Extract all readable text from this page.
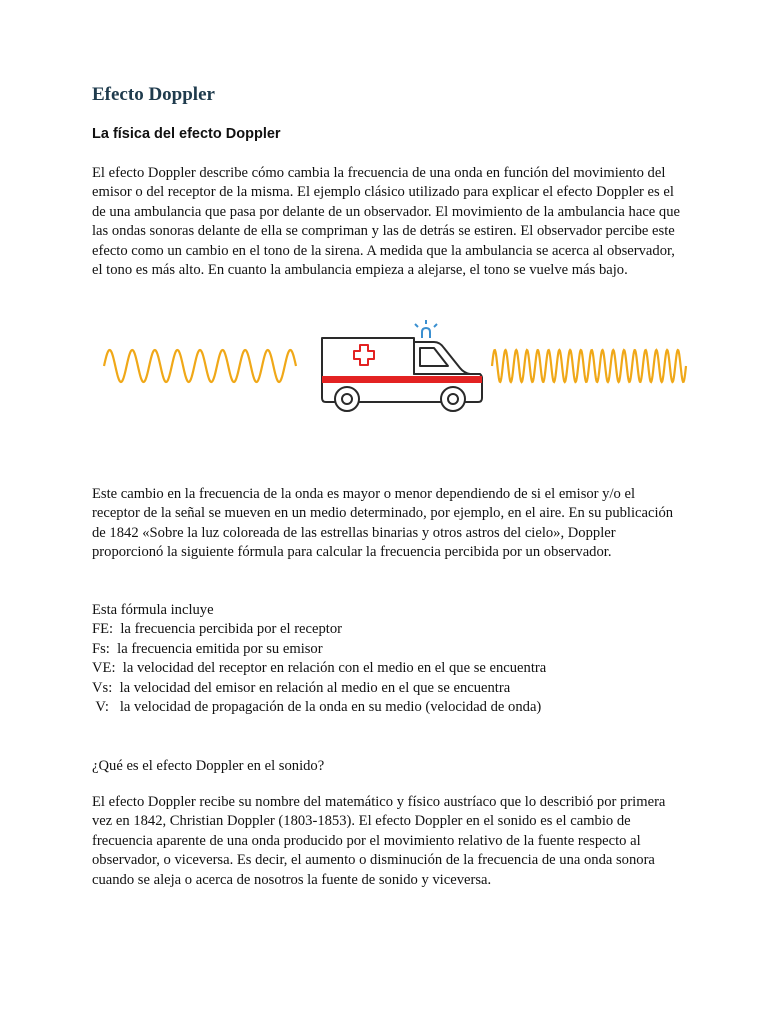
Efecto Doppler
La física del efecto Doppler

El efecto Doppler describe cómo cambia la frecuencia de una onda en función del movimiento del emisor o del receptor de la misma. El ejemplo clásico utilizado para explicar el efecto Doppler es el de una ambulancia que pasa por delante de un observador. El movimiento de la ambulancia hace que las ondas sonoras delante de ella se compriman y las de detrás se estiren. El observador percibe este efecto como un cambio en el tono de la sirena. A medida que la ambulancia se acerca al observador, el tono es más alto. En cuanto la ambulancia empieza a alejarse, el tono se vuelve más bajo.

Este cambio en la frecuencia de la onda es mayor o menor dependiendo de si el emisor y/o el receptor de la señal se mueven en un medio determinado, por ejemplo, en el aire. En su publicación de 1842 «Sobre la luz coloreada de las estrellas binarias y otros astros del cielo», Doppler proporcionó la siguiente fórmula para calcular la frecuencia percibida por un observador.

Esta fórmula incluye
FE:  la frecuencia percibida por el receptor
Fs:  la frecuencia emitida por su emisor
VE:  la velocidad del receptor en relación con el medio en el que se encuentra
Vs:  la velocidad del emisor en relación al medio en el que se encuentra
V:   la velocidad de propagación de la onda en su medio (velocidad de onda)

¿Qué es el efecto Doppler en el sonido?

El efecto Doppler recibe su nombre del matemático y físico austríaco que lo describió por primera vez en 1842, Christian Doppler (1803-1853). El efecto Doppler en el sonido es el cambio de frecuencia aparente de una onda producido por el movimiento relativo de la fuente respecto al observador, o viceversa. Es decir, el aumento o disminución de la frecuencia de una onda sonora cuando se aleja o acerca de nosotros la fuente de sonido y viceversa.
